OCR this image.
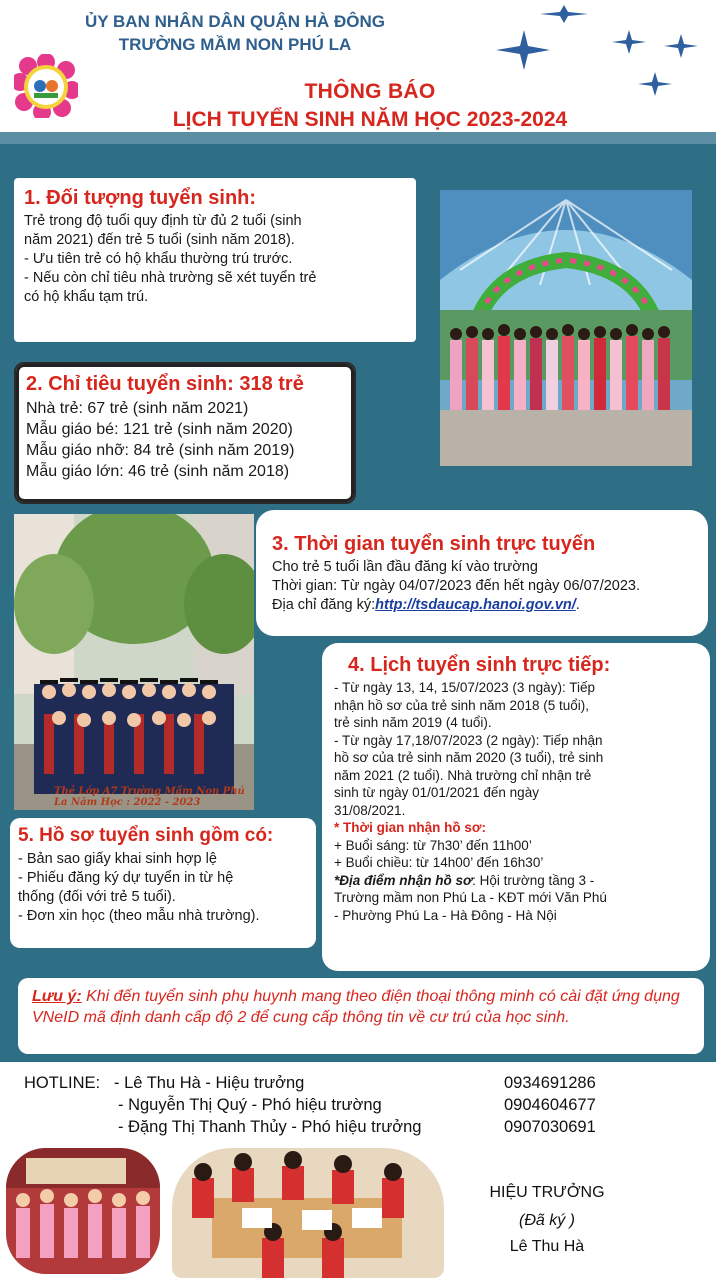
ỦY BAN NHÂN DÂN QUẬN HÀ ĐÔNG
TRƯỜNG MẦM NON PHÚ LA
THÔNG BÁO
LỊCH TUYỂN SINH NĂM HỌC 2023-2024
1. Đối tượng tuyển sinh:
Trẻ trong độ tuổi quy định từ đủ 2 tuổi (sinh
năm 2021) đến trẻ 5 tuổi (sinh năm 2018).
- Ưu tiên trẻ có hộ khẩu thường trú trước.
- Nếu còn chỉ tiêu nhà trường sẽ xét tuyển trẻ
có hộ khẩu tạm trú.
2. Chỉ tiêu tuyển sinh: 318 trẻ
Nhà trẻ: 67 trẻ (sinh năm 2021)
Mẫu giáo bé: 121 trẻ (sinh năm 2020)
Mẫu giáo nhỡ: 84 trẻ (sinh năm 2019)
Mẫu giáo lớn: 46 trẻ (sinh năm 2018)
Thẻ Lớp A7 Trường Mầm Non Phú La Năm Học : 2022 - 2023
3. Thời gian tuyển sinh trực tuyến
Cho trẻ 5 tuổi lần đầu đăng kí vào trường
Thời gian: Từ ngày 04/07/2023 đến hết ngày 06/07/2023.
Địa chỉ đăng ký:http://tsdaucap.hanoi.gov.vn/.
4. Lịch tuyển sinh trực tiếp:
- Từ ngày 13, 14, 15/07/2023 (3 ngày): Tiếp
nhận hồ sơ của trẻ sinh năm 2018 (5 tuổi),
trẻ sinh năm 2019 (4 tuổi).
- Từ ngày 17,18/07/2023 (2 ngày): Tiếp nhận
hồ sơ của trẻ sinh năm 2020 (3 tuổi), trẻ sinh
năm 2021 (2 tuổi). Nhà trường chỉ nhận trẻ
sinh từ ngày 01/01/2021 đến ngày
31/08/2021.
* Thời gian nhận hồ sơ:
+ Buổi sáng: từ 7h30’ đến 11h00’
+ Buổi chiều: từ 14h00’ đến 16h30’
*Địa điểm nhận hồ sơ: Hội trường tầng 3 -
Trường mầm non Phú La - KĐT mới Văn Phú
- Phường Phú La - Hà Đông - Hà Nội
5. Hồ sơ tuyển sinh gồm có:
- Bản sao giấy khai sinh hợp lệ
- Phiếu đăng ký dự tuyển in từ hệ
thống (đối với trẻ 5 tuổi).
- Đơn xin học (theo mẫu nhà trường).
Lưu ý: Khi đến tuyển sinh phụ huynh mang theo điện thoại thông minh có cài đặt ứng dụng VNeID mã định danh cấp độ 2 để cung cấp thông tin về cư trú của học sinh.
HOTLINE: - Lê Thu Hà - Hiệu trưởng	0934691286
- Nguyễn Thị Quý - Phó hiệu trường	0904604677
- Đặng Thị Thanh Thủy - Phó hiệu trưởng	0907030691
HIỆU TRƯỞNG
(Đã ký )
Lê Thu Hà
